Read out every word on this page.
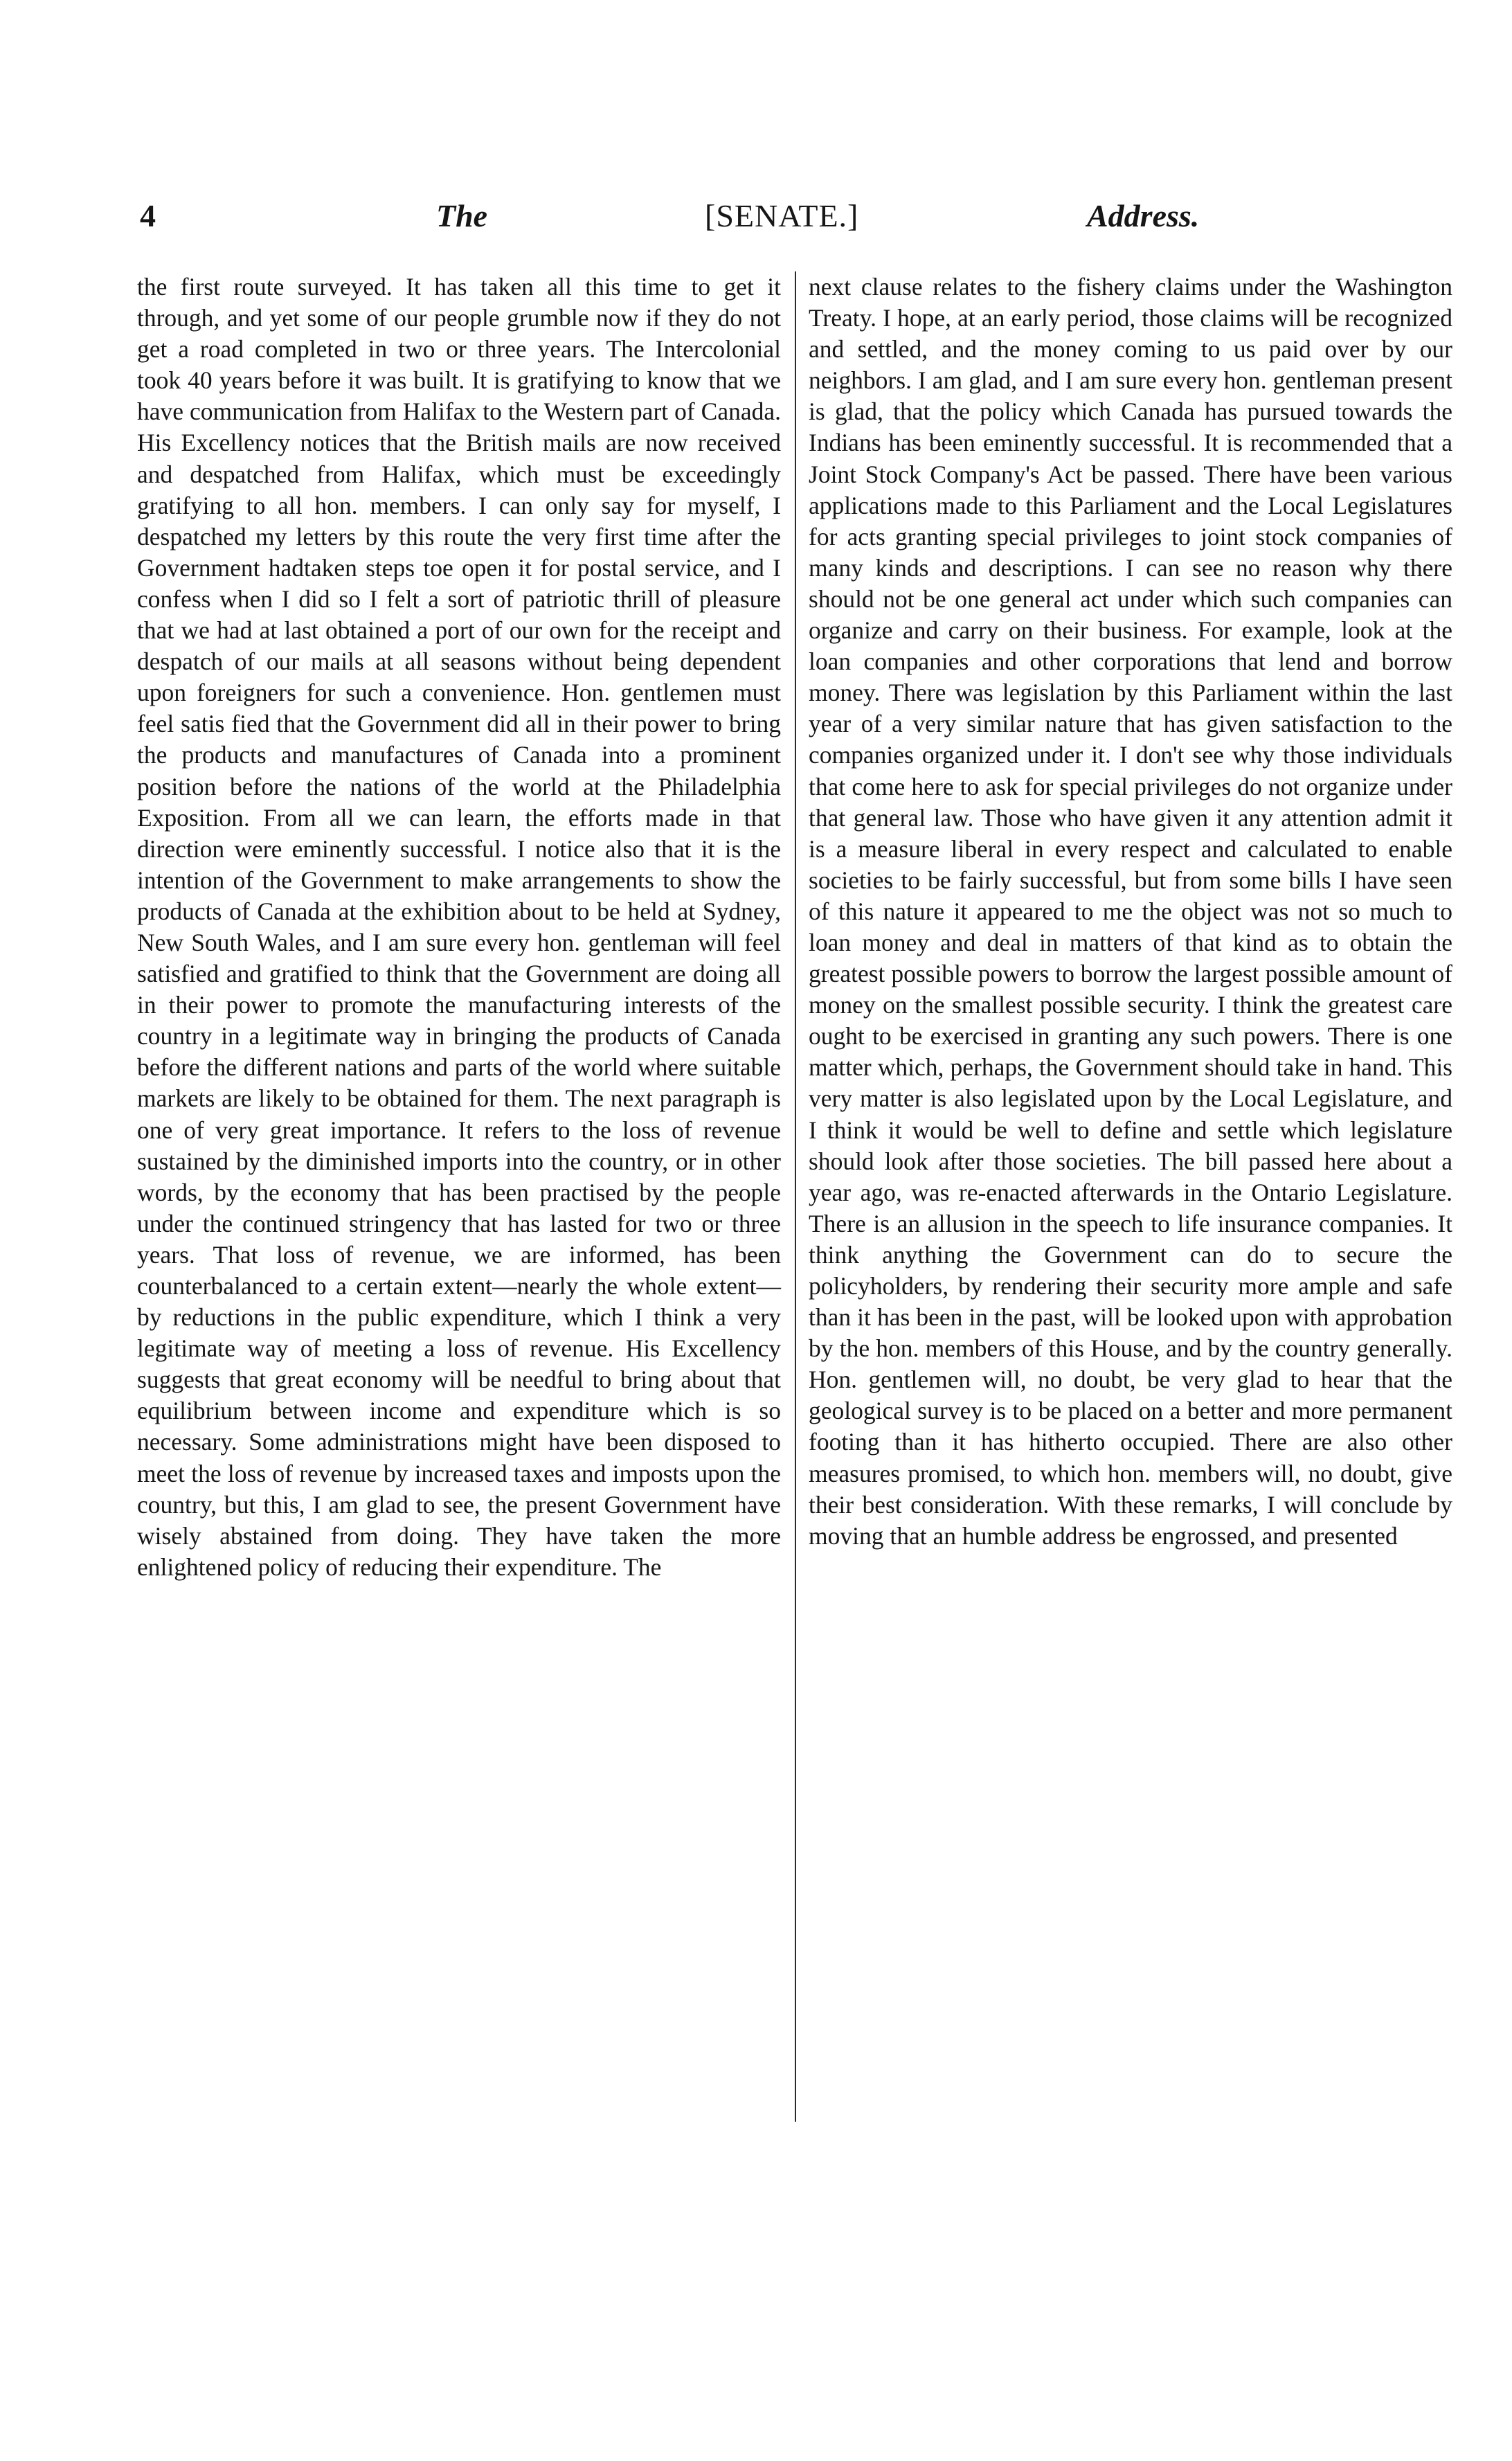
4	The	[SENATE.]	Address.

the first route surveyed. It has taken all this time to get it through, and yet some of our people grumble now if they do not get a road completed in two or three years. The Intercolonial took 40 years before it was built. It is gratifying to know that we have communication from Halifax to the Western part of Canada. His Excellency notices that the British mails are now received and despatched from Halifax, which must be exceedingly gratifying to all hon. members. I can only say for myself, I despatched my letters by this route the very first time after the Government hadtaken steps toe open it for postal service, and I confess when I did so I felt a sort of patriotic thrill of pleasure that we had at last obtained a port of our own for the receipt and despatch of our mails at all seasons without being dependent upon foreigners for such a convenience. Hon. gentlemen must feel satis fied that the Government did all in their power to bring the products and manufactures of Canada into a prominent position before the nations of the world at the Philadelphia Exposition. From all we can learn, the efforts made in that direction were eminently successful. I notice also that it is the intention of the Government to make arrangements to show the products of Canada at the exhibition about to be held at Sydney, New South Wales, and I am sure every hon. gentleman will feel satisfied and gratified to think that the Government are doing all in their power to promote the manufacturing interests of the country in a legitimate way in bringing the products of Canada before the different nations and parts of the world where suitable markets are likely to be obtained for them. The next paragraph is one of very great importance. It refers to the loss of revenue sustained by the diminished imports into the country, or in other words, by the economy that has been practised by the people under the continued stringency that has lasted for two or three years. That loss of revenue, we are informed, has been counterbalanced to a certain extent—nearly the whole extent—by reductions in the public expenditure, which I think a very legitimate way of meeting a loss of revenue. His Excellency suggests that great economy will be needful to bring about that equilibrium between income and expenditure which is so necessary. Some administrations might have been disposed to meet the loss of revenue by increased taxes and imposts upon the country, but this, I am glad to see, the present Government have wisely abstained from doing. They have taken the more enlightened policy of reducing their expenditure. The

next clause relates to the fishery claims under the Washington Treaty. I hope, at an early period, those claims will be recognized and settled, and the money coming to us paid over by our neighbors. I am glad, and I am sure every hon. gentleman present is glad, that the policy which Canada has pursued towards the Indians has been eminently successful. It is recommended that a Joint Stock Company's Act be passed. There have been various applications made to this Parliament and the Local Legislatures for acts granting special privileges to joint stock companies of many kinds and descriptions. I can see no reason why there should not be one general act under which such companies can organize and carry on their business. For example, look at the loan companies and other corporations that lend and borrow money. There was legislation by this Parliament within the last year of a very similar nature that has given satisfaction to the companies organized under it. I don't see why those individuals that come here to ask for special privileges do not organize under that general law. Those who have given it any attention admit it is a measure liberal in every respect and calculated to enable societies to be fairly successful, but from some bills I have seen of this nature it appeared to me the object was not so much to loan money and deal in matters of that kind as to obtain the greatest possible powers to borrow the largest possible amount of money on the smallest possible security. I think the greatest care ought to be exercised in granting any such powers. There is one matter which, perhaps, the Government should take in hand. This very matter is also legislated upon by the Local Legislature, and I think it would be well to define and settle which legislature should look after those societies. The bill passed here about a year ago, was re-enacted afterwards in the Ontario Legislature. There is an allusion in the speech to life insurance companies. It think anything the Government can do to secure the policyholders, by rendering their security more ample and safe than it has been in the past, will be looked upon with approbation by the hon. members of this House, and by the country generally. Hon. gentlemen will, no doubt, be very glad to hear that the geological survey is to be placed on a better and more permanent footing than it has hitherto occupied. There are also other measures promised, to which hon. members will, no doubt, give their best consideration. With these remarks, I will conclude by moving that an humble address be engrossed, and presented
